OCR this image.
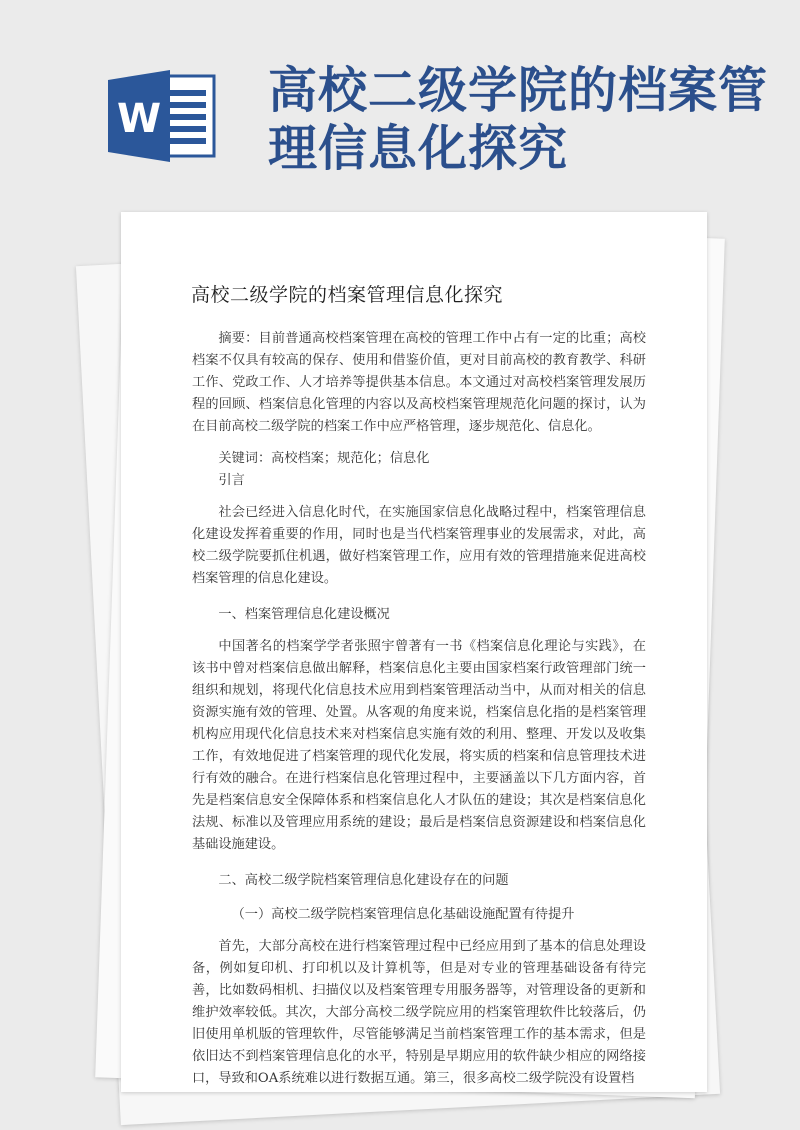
W 高校二级学院的档案管理信息化探究
高校二级学院的档案管理信息化探究

摘要：目前普通高校档案管理在高校的管理工作中占有一定的比重；高校档案不仅具有较高的保存、使用和借鉴价值，更对目前高校的教育教学、科研工作、党政工作、人才培养等提供基本信息。本文通过对高校档案管理发展历程的回顾、档案信息化管理的内容以及高校档案管理规范化问题的探讨，认为在目前高校二级学院的档案工作中应严格管理，逐步规范化、信息化。

关键词：高校档案；规范化；信息化

引言

社会已经进入信息化时代，在实施国家信息化战略过程中，档案管理信息化建设发挥着重要的作用，同时也是当代档案管理事业的发展需求，对此，高校二级学院要抓住机遇，做好档案管理工作，应用有效的管理措施来促进高校档案管理的信息化建设。

一、档案管理信息化建设概况

中国著名的档案学学者张照宇曾著有一书《档案信息化理论与实践》，在该书中曾对档案信息做出解释，档案信息化主要由国家档案行政管理部门统一组织和规划，将现代化信息技术应用到档案管理活动当中，从而对相关的信息资源实施有效的管理、处置。从客观的角度来说，档案信息化指的是档案管理机构应用现代化信息技术来对档案信息实施有效的利用、整理、开发以及收集工作，有效地促进了档案管理的现代化发展，将实质的档案和信息管理技术进行有效的融合。在进行档案信息化管理过程中，主要涵盖以下几方面内容，首先是档案信息安全保障体系和档案信息化人才队伍的建设；其次是档案信息化法规、标准以及管理应用系统的建设；最后是档案信息资源建设和档案信息化基础设施建设。

二、高校二级学院档案管理信息化建设存在的问题

（一）高校二级学院档案管理信息化基础设施配置有待提升

首先，大部分高校在进行档案管理过程中已经应用到了基本的信息处理设备，例如复印机、打印机以及计算机等，但是对专业的管理基础设备有待完善，比如数码相机、扫描仪以及档案管理专用服务器等，对管理设备的更新和维护效率较低。其次，大部分高校二级学院应用的档案管理软件比较落后，仍旧使用单机版的管理软件，尽管能够满足当前档案管理工作的基本需求，但是依旧达不到档案管理信息化的水平，特别是早期应用的软件缺少相应的网络接口，导致和OA系统难以进行数据互通。第三，很多高校二级学院没有设置档
